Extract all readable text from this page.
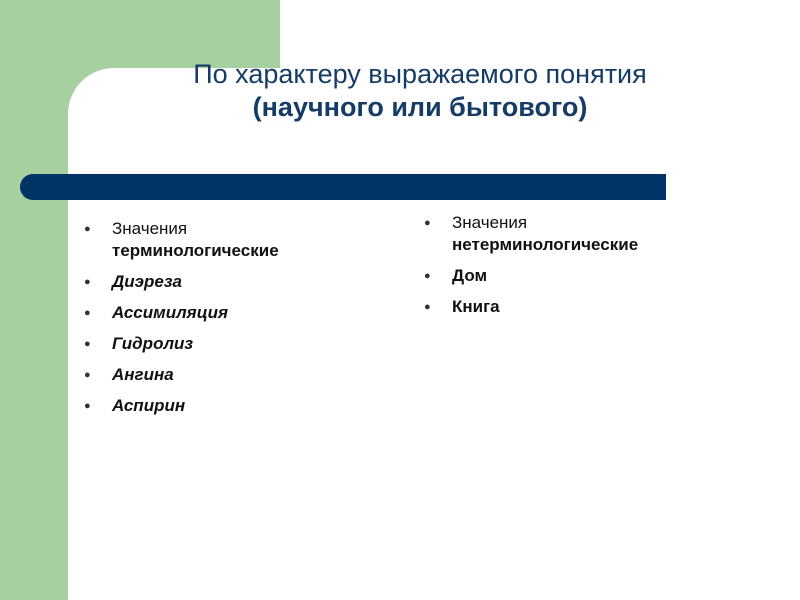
По характеру выражаемого понятия
(научного или бытового)
● Значения
терминологические
● Диэреза
● Ассимиляция
● Гидролиз
● Ангина
● Аспирин
● Значения
нетерминологические
● Дом
● Книга
